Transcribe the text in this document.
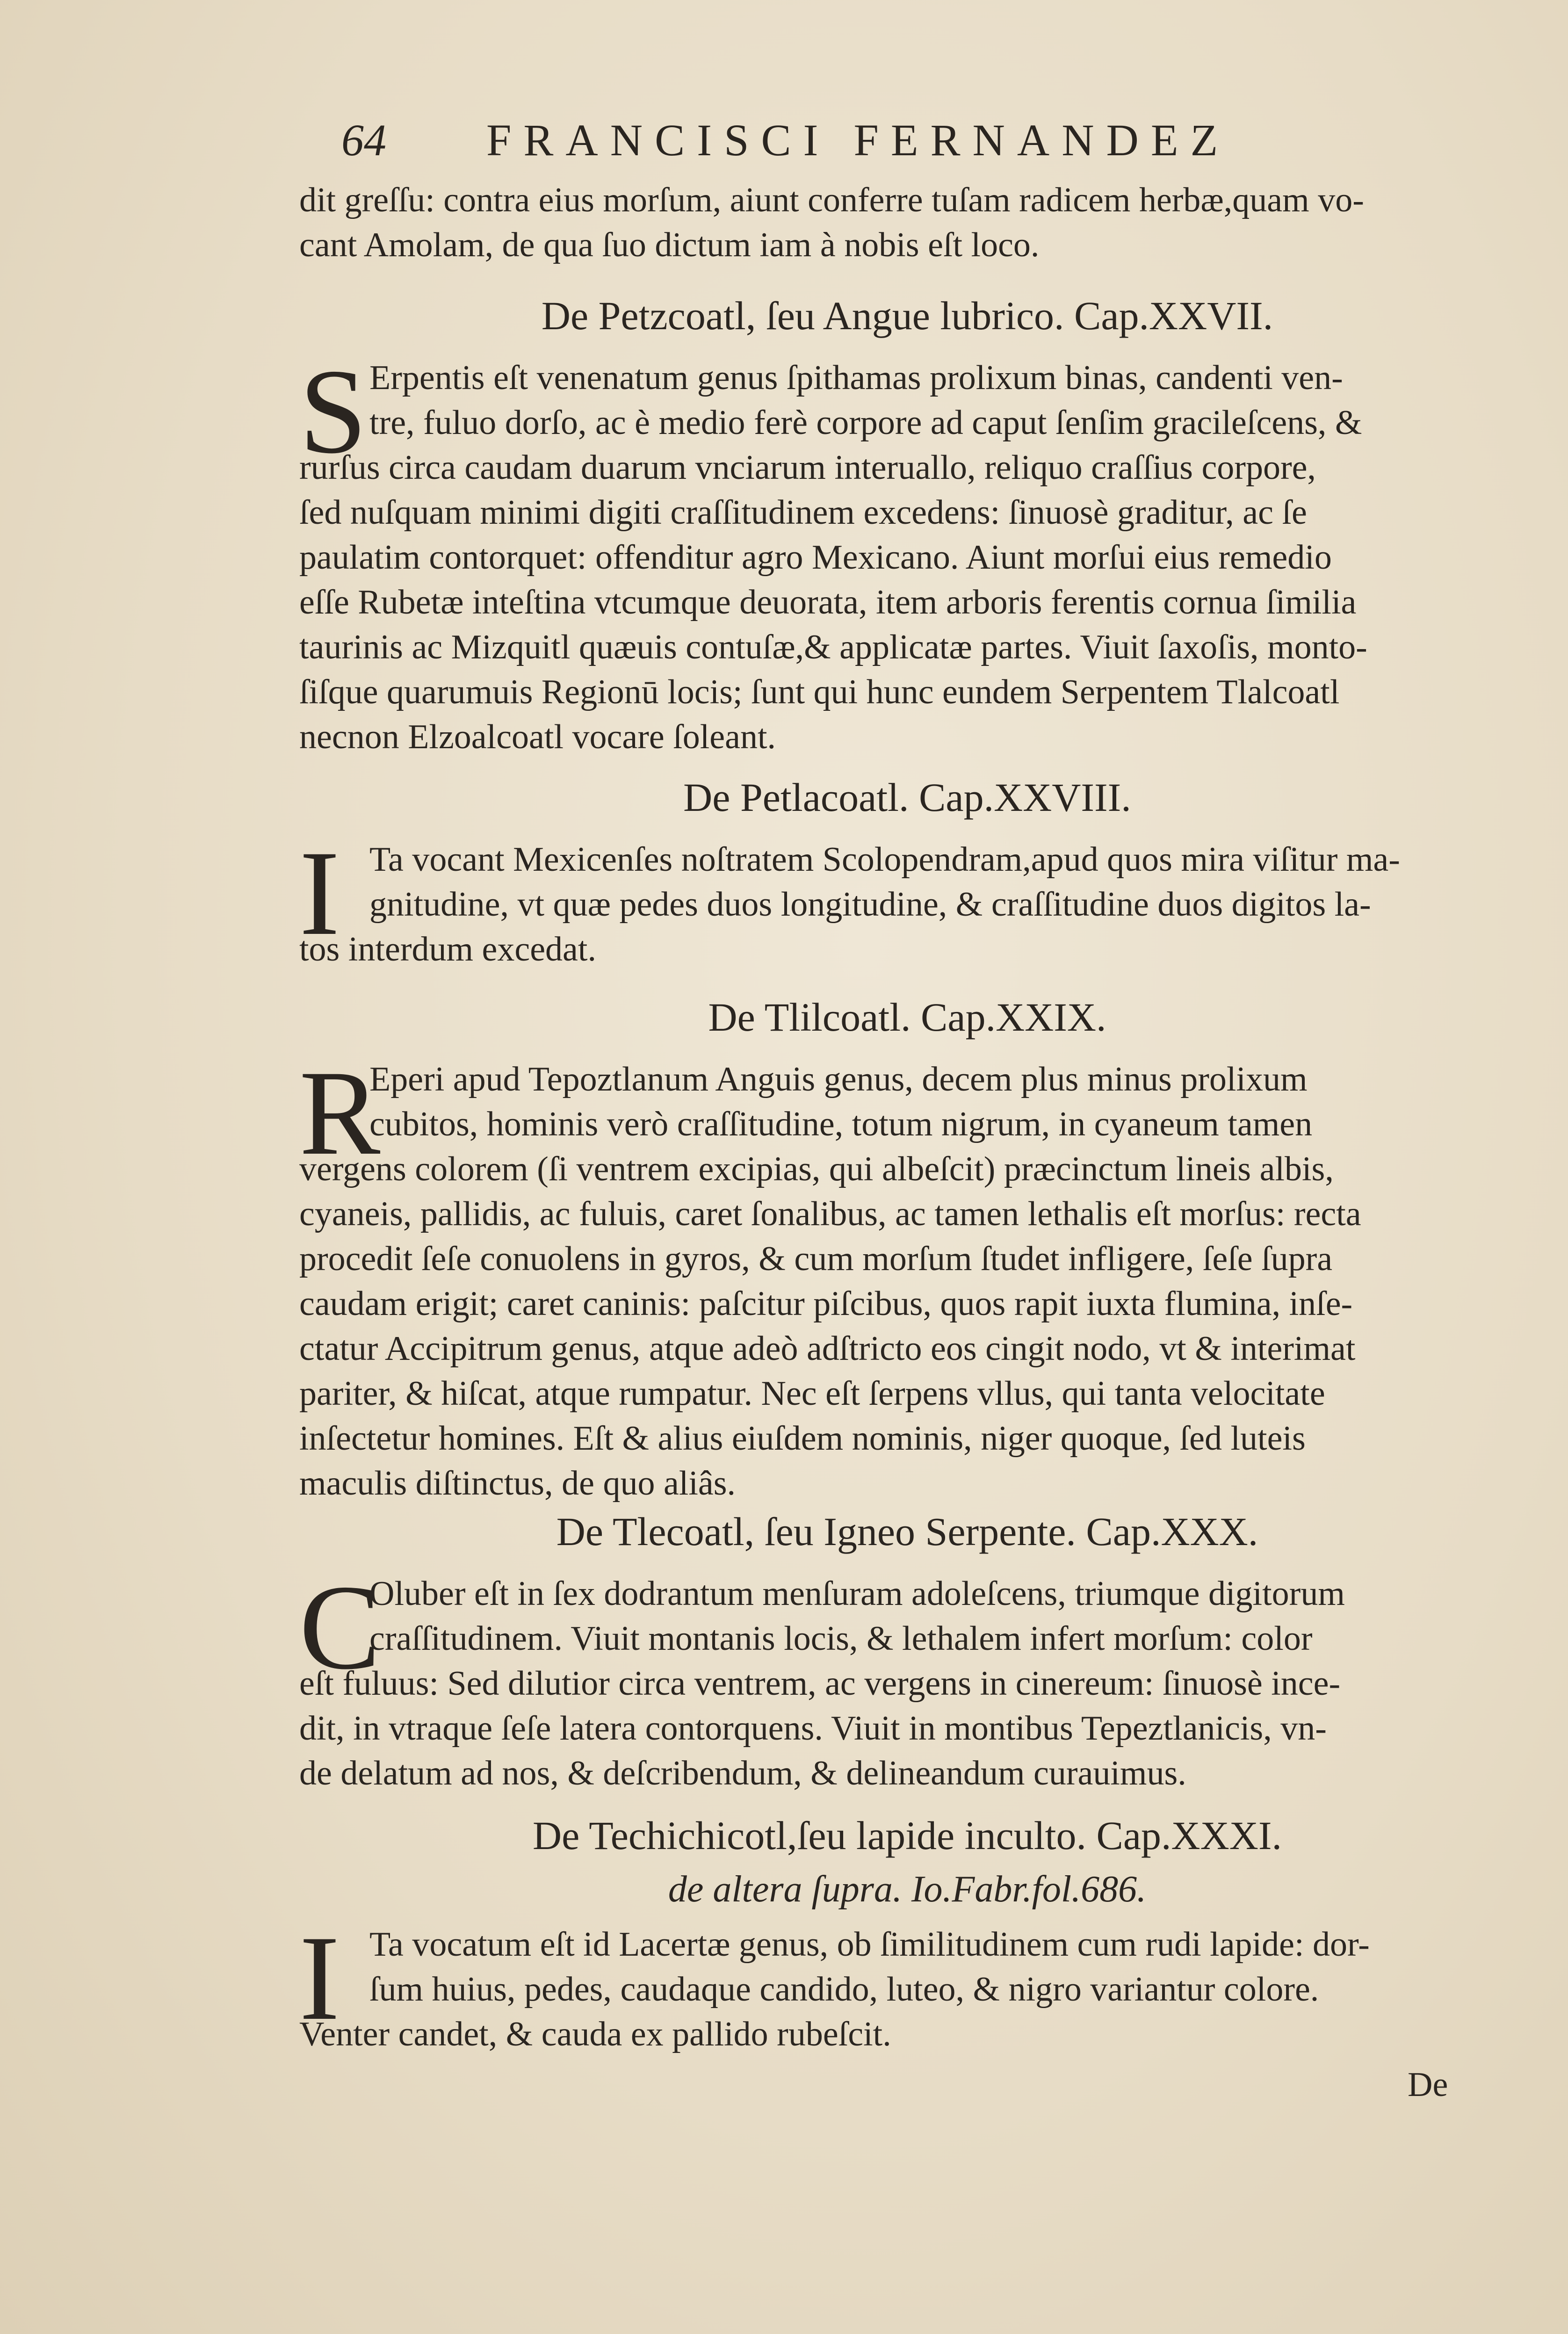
64 FRANCISCI FERNANDEZ
dit greſſu: contra eius morſum, aiunt conferre tuſam radicem herbæ,quam vo-
cant Amolam, de qua ſuo dictum iam à nobis eſt loco.
De Petzcoatl, ſeu Angue lubrico. Cap.XXVII.
S Erpentis eſt venenatum genus ſpithamas prolixum binas, candenti ven-
tre, fuluo dorſo, ac è medio ferè corpore ad caput ſenſim gracileſcens, &
rurſus circa caudam duarum vnciarum interuallo, reliquo craſſius corpore,
ſed nuſquam minimi digiti craſſitudinem excedens: ſinuosè graditur, ac ſe
paulatim contorquet: offenditur agro Mexicano. Aiunt morſui eius remedio
eſſe Rubetæ inteſtina vtcumque deuorata, item arboris ferentis cornua ſimilia
taurinis ac Mizquitl quæuis contuſæ,& applicatæ partes. Viuit ſaxoſis, monto-
ſiſque quarumuis Regionū locis; ſunt qui hunc eundem Serpentem Tlalcoatl
necnon Elzoalcoatl vocare ſoleant.
De Petlacoatl. Cap.XXVIII.
I Ta vocant Mexicenſes noſtratem Scolopendram,apud quos mira viſitur ma-
gnitudine, vt quæ pedes duos longitudine, & craſſitudine duos digitos la-
tos interdum excedat.
De Tlilcoatl. Cap.XXIX.
R
Eperi apud Tepoztlanum Anguis genus, decem plus minus prolixum
cubitos, hominis verò craſſitudine, totum nigrum, in cyaneum tamen
vergens colorem (ſi ventrem excipias, qui albeſcit) præcinctum lineis albis,
cyaneis, pallidis, ac fuluis, caret ſonalibus, ac tamen lethalis eſt morſus: recta
procedit ſeſe conuolens in gyros, & cum morſum ſtudet infligere, ſeſe ſupra
caudam erigit; caret caninis: paſcitur piſcibus, quos rapit iuxta flumina, inſe-
ctatur Accipitrum genus, atque adeò adſtricto eos cingit nodo, vt & interimat
pariter, & hiſcat, atque rumpatur. Nec eſt ſerpens vllus, qui tanta velocitate
inſectetur homines. Eſt & alius eiuſdem nominis, niger quoque, ſed luteis
maculis diſtinctus, de quo aliâs.
De Tlecoatl, ſeu Igneo Serpente. Cap.XXX.
C
Oluber eſt in ſex dodrantum menſuram adoleſcens, triumque digitorum
craſſitudinem. Viuit montanis locis, & lethalem infert morſum: color
eſt fuluus: Sed dilutior circa ventrem, ac vergens in cinereum: ſinuosè ince-
dit, in vtraque ſeſe latera contorquens. Viuit in montibus Tepeztlanicis, vn-
de delatum ad nos, & deſcribendum, & delineandum curauimus.
De Techichicotl,ſeu lapide inculto. Cap.XXXI.
de altera ſupra. Io.Fabr.fol.686.
I Ta vocatum eſt id Lacertæ genus, ob ſimilitudinem cum rudi lapide: dor-
ſum huius, pedes, caudaque candido, luteo, & nigro variantur colore.
Venter candet, & cauda ex pallido rubeſcit.
De
